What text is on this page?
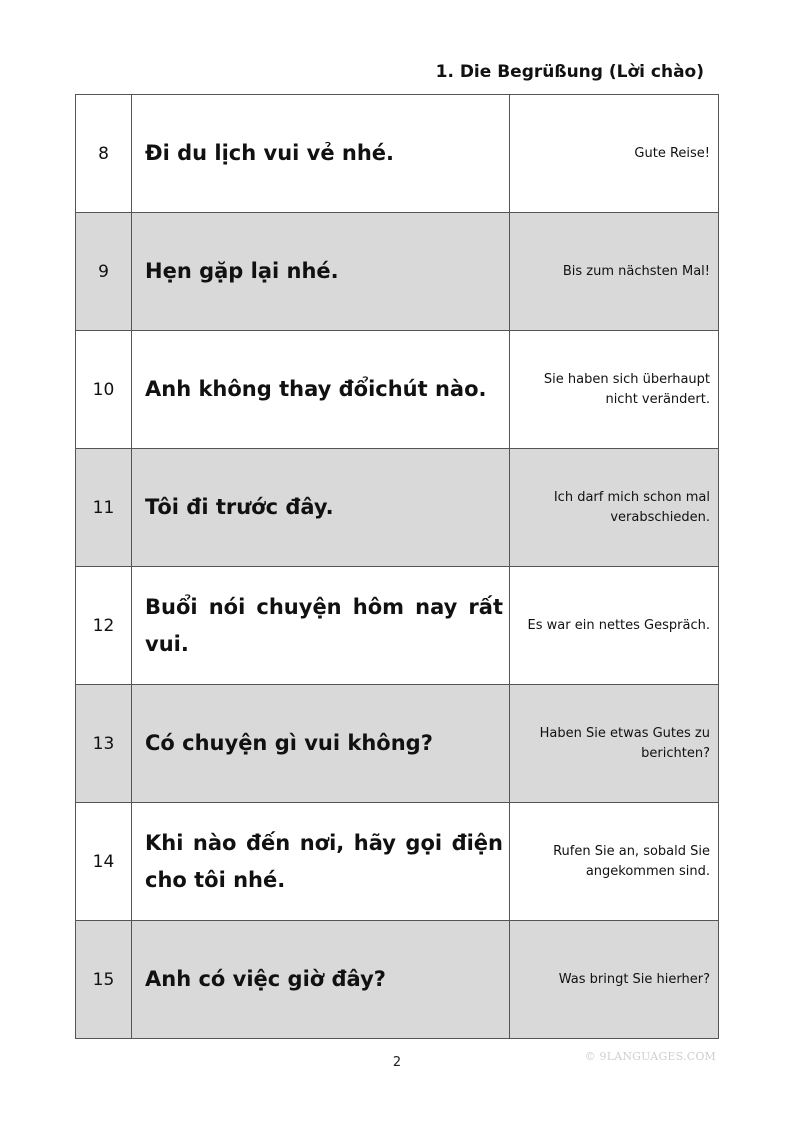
1. Die Begrüßung (Lời chào)
8	Đi du lịch vui vẻ nhé.	Gute Reise!

9	Hẹn gặp lại nhé.	Bis zum nächsten Mal!

10	Anh không thay đổichút nào.	Sie haben sich überhaupt nicht verändert.

11	Tôi đi trước đây.	Ich darf mich schon mal verabschieden.

12	Buổi nói chuyện hôm nay rất vui.	Es war ein nettes Gespräch.

13	Có chuyện gì vui không?	Haben Sie etwas Gutes zu berichten?

14	Khi nào đến nơi, hãy gọi điện cho tôi nhé.	Rufen Sie an, sobald Sie angekommen sind.

15	Anh có việc giờ đây?	Was bringt Sie hierher?
2	© 9LANGUAGES.COM
